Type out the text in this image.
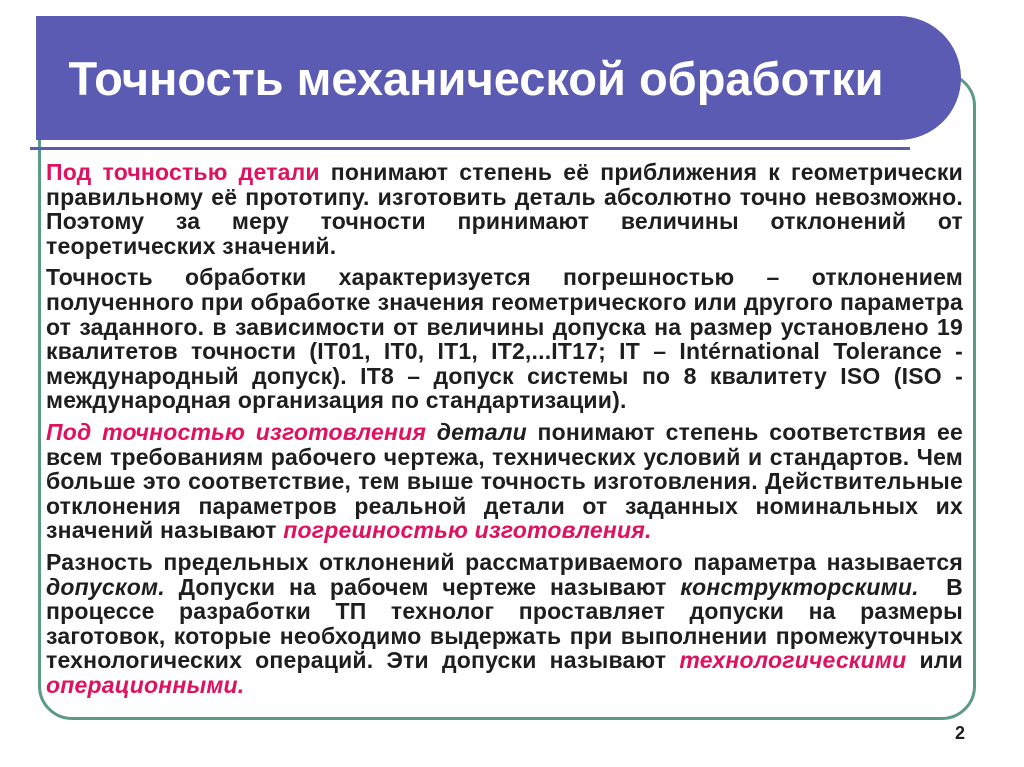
Точность механической обработки

Под точностью детали понимают степень её приближения к геометрически правильному её прототипу. изготовить деталь абсолютно точно невозможно. Поэтому за меру точности принимают величины отклонений от теоретических значений.

Точность обработки характеризуется погрешностью – отклонением полученного при обработке значения геометрического или другого параметра от заданного. в зависимости от величины допуска на размер установлено 19 квалитетов точности (IT01, IT0, IT1, IT2,...IT17; IT – Intérnational Tolerance - международный допуск). IT8 – допуск системы по 8 квалитету ISO (ISO - международная организация по стандартизации).

Под точностью изготовления детали понимают степень соответствия ее всем требованиям рабочего чертежа, технических условий и стандартов. Чем больше это соответствие, тем выше точность изготовления. Действительные отклонения параметров реальной детали от заданных номинальных их значений называют погрешностью изготовления.

Разность предельных отклонений рассматриваемого параметра называется допуском. Допуски на рабочем чертеже называют конструкторскими.  В процессе разработки ТП технолог проставляет допуски на размеры заготовок, которые необходимо выдержать при выполнении промежуточных технологических операций. Эти допуски называют технологическими или операционными.

2
